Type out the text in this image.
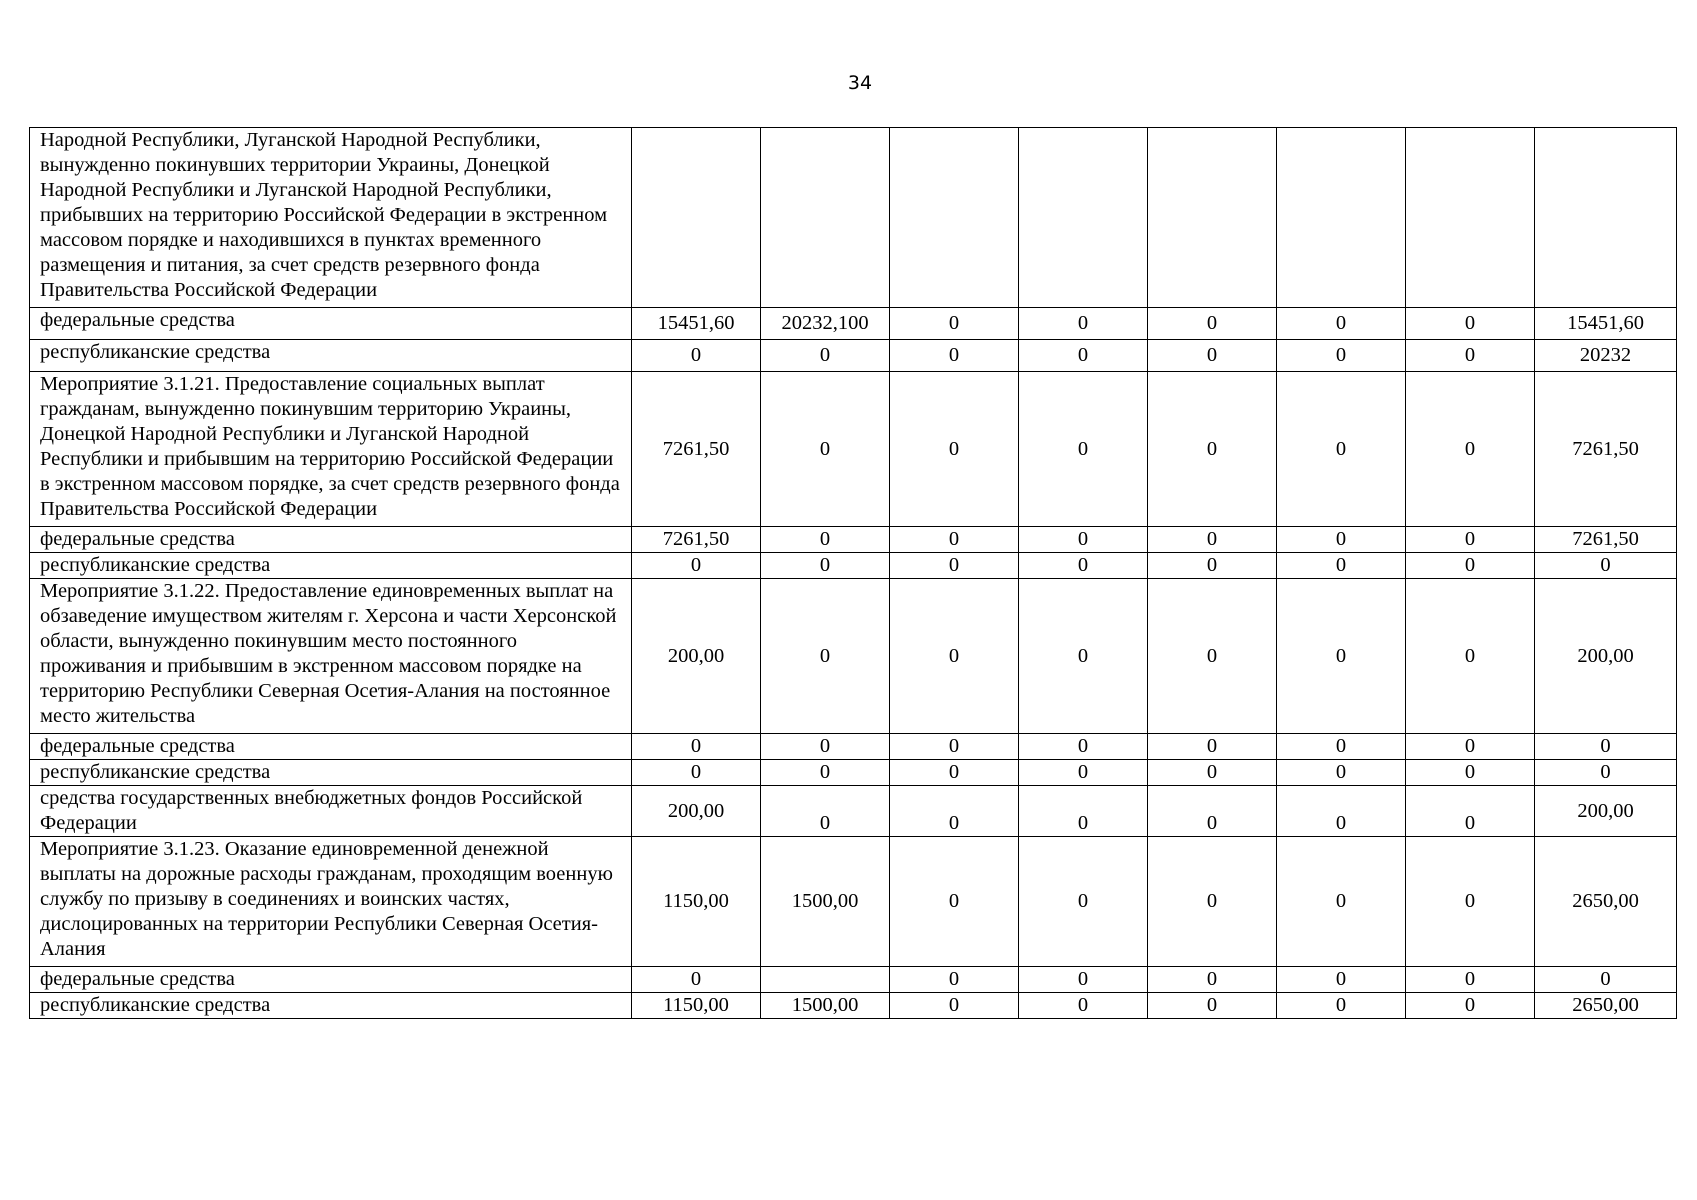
34
Народной Республики, Луганской Народной Республики, вынужденно покинувших территории Украины, Донецкой Народной Республики и Луганской Народной Республики, прибывших на территорию Российской Федерации в экстренном массовом порядке и находившихся в пунктах временного размещения и питания, за счет средств резервного фонда Правительства Российской Федерации								
федеральные средства	15451,60	20232,100	0	0	0	0	0	15451,60
республиканские средства	0	0	0	0	0	0	0	20232
Мероприятие 3.1.21. Предоставление социальных выплат гражданам, вынужденно покинувшим территорию Украины, Донецкой Народной Республики и Луганской Народной Республики и прибывшим на территорию Российской Федерации в экстренном массовом порядке, за счет средств резервного фонда Правительства Российской Федерации	7261,50	0	0	0	0	0	0	7261,50
федеральные средства	7261,50	0	0	0	0	0	0	7261,50
республиканские средства	0	0	0	0	0	0	0	0
Мероприятие 3.1.22. Предоставление единовременных выплат на обзаведение имуществом жителям г. Херсона и части Херсонской области, вынужденно покинувшим место постоянного проживания и прибывшим в экстренном массовом порядке на территорию Республики Северная Осетия-Алания на постоянное место жительства	200,00	0	0	0	0	0	0	200,00
федеральные средства	0	0	0	0	0	0	0	0
республиканские средства	0	0	0	0	0	0	0	0
средства государственных внебюджетных фондов Российской Федерации	200,00	0	0	0	0	0	0	200,00
Мероприятие 3.1.23. Оказание единовременной денежной выплаты на дорожные расходы гражданам, проходящим военную службу по призыву в соединениях и воинских частях, дислоцированных на территории Республики Северная Осетия-Алания	1150,00	1500,00	0	0	0	0	0	2650,00
федеральные средства	0		0	0	0	0	0	0
республиканские средства	1150,00	1500,00	0	0	0	0	0	2650,00
